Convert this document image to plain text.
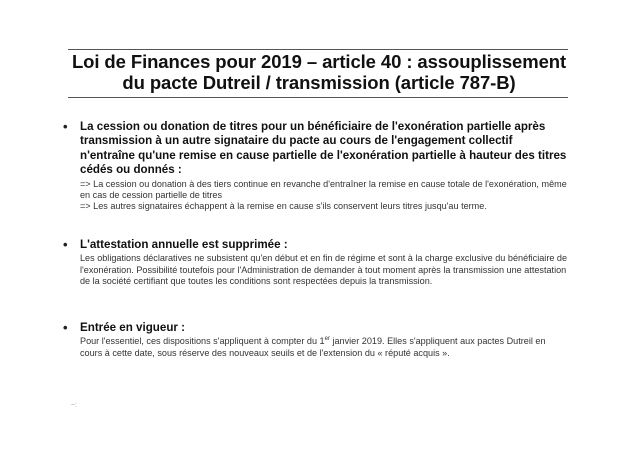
Loi de Finances pour 2019 – article 40 : assouplissement
du pacte Dutreil / transmission (article 787-B)
• La cession ou donation de titres pour un bénéficiaire de l'exonération partielle après transmission à un autre signataire du pacte au cours de l'engagement collectif n'entraîne qu'une remise en cause partielle de l'exonération partielle à hauteur des titres cédés ou donnés :

=> La cession ou donation à des tiers continue en revanche d'entraîner la remise en cause totale de l'exonération, même en cas de cession partielle de titres

=> Les autres signataires échappent à la remise en cause s'ils conservent leurs titres jusqu'au terme.

• L'attestation annuelle est supprimée :

Les obligations déclaratives ne subsistent qu'en début et en fin de régime et sont à la charge exclusive du bénéficiaire de l'exonération. Possibilité toutefois pour l'Administration de demander à tout moment après la transmission une attestation de la société certifiant que toutes les conditions sont respectées depuis la transmission.

• Entrée en vigueur :

Pour l'essentiel, ces dispositions s'appliquent à compter du 1er janvier 2019. Elles s'appliquent aux pactes Dutreil en cours à cette date, sous réserve des nouveaux seuils et de l'extension du « réputé acquis ».

~:
